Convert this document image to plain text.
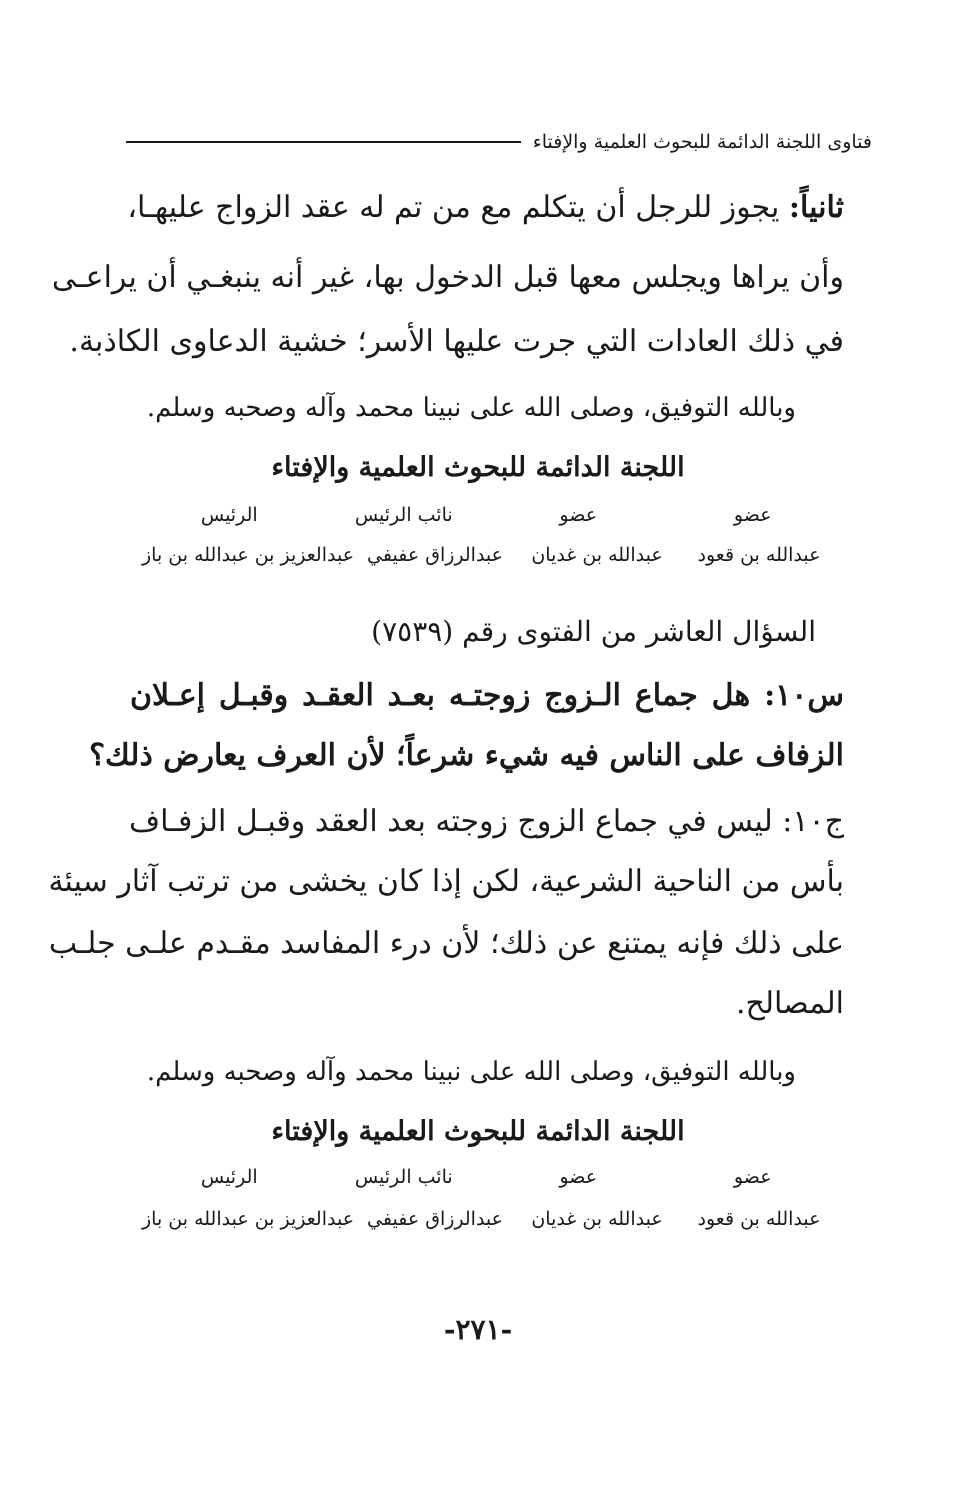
فتاوى اللجنة الدائمة للبحوث العلمية والإفتاء
ثانياً: يجوز للرجل أن يتكلم مع من تم له عقد الزواج عليهـا،
وأن يراها ويجلس معها قبل الدخول بها، غير أنه ينبغـي أن يراعـى
في ذلك العادات التي جرت عليها الأسر؛ خشية الدعاوى الكاذبة.
وبالله التوفيق، وصلى الله على نبينا محمد وآله وصحبه وسلم.
اللجنة الدائمة للبحوث العلمية والإفتاء
عضو
عضو
نائب الرئيس
الرئيس
عبدالله بن قعود
عبدالله بن غديان
عبدالرزاق عفيفي
عبدالعزيز بن عبدالله بن باز
السؤال العاشر من الفتوى رقم (٧٥٣٩)
س١٠: هل جماع الـزوج زوجتـه بعـد العقـد وقبـل إعـلان
الزفاف على الناس فيه شيء شرعاً؛ لأن العرف يعارض ذلك؟
ج١٠: ليس في جماع الزوج زوجته بعد العقد وقبـل الزفـاف
بأس من الناحية الشرعية، لكن إذا كان يخشى من ترتب آثار سيئة
على ذلك فإنه يمتنع عن ذلك؛ لأن درء المفاسد مقـدم علـى جلـب
المصالح.
وبالله التوفيق، وصلى الله على نبينا محمد وآله وصحبه وسلم.
اللجنة الدائمة للبحوث العلمية والإفتاء
عضو
عضو
نائب الرئيس
الرئيس
عبدالله بن قعود
عبدالله بن غديان
عبدالرزاق عفيفي
عبدالعزيز بن عبدالله بن باز
-٢٧١-
